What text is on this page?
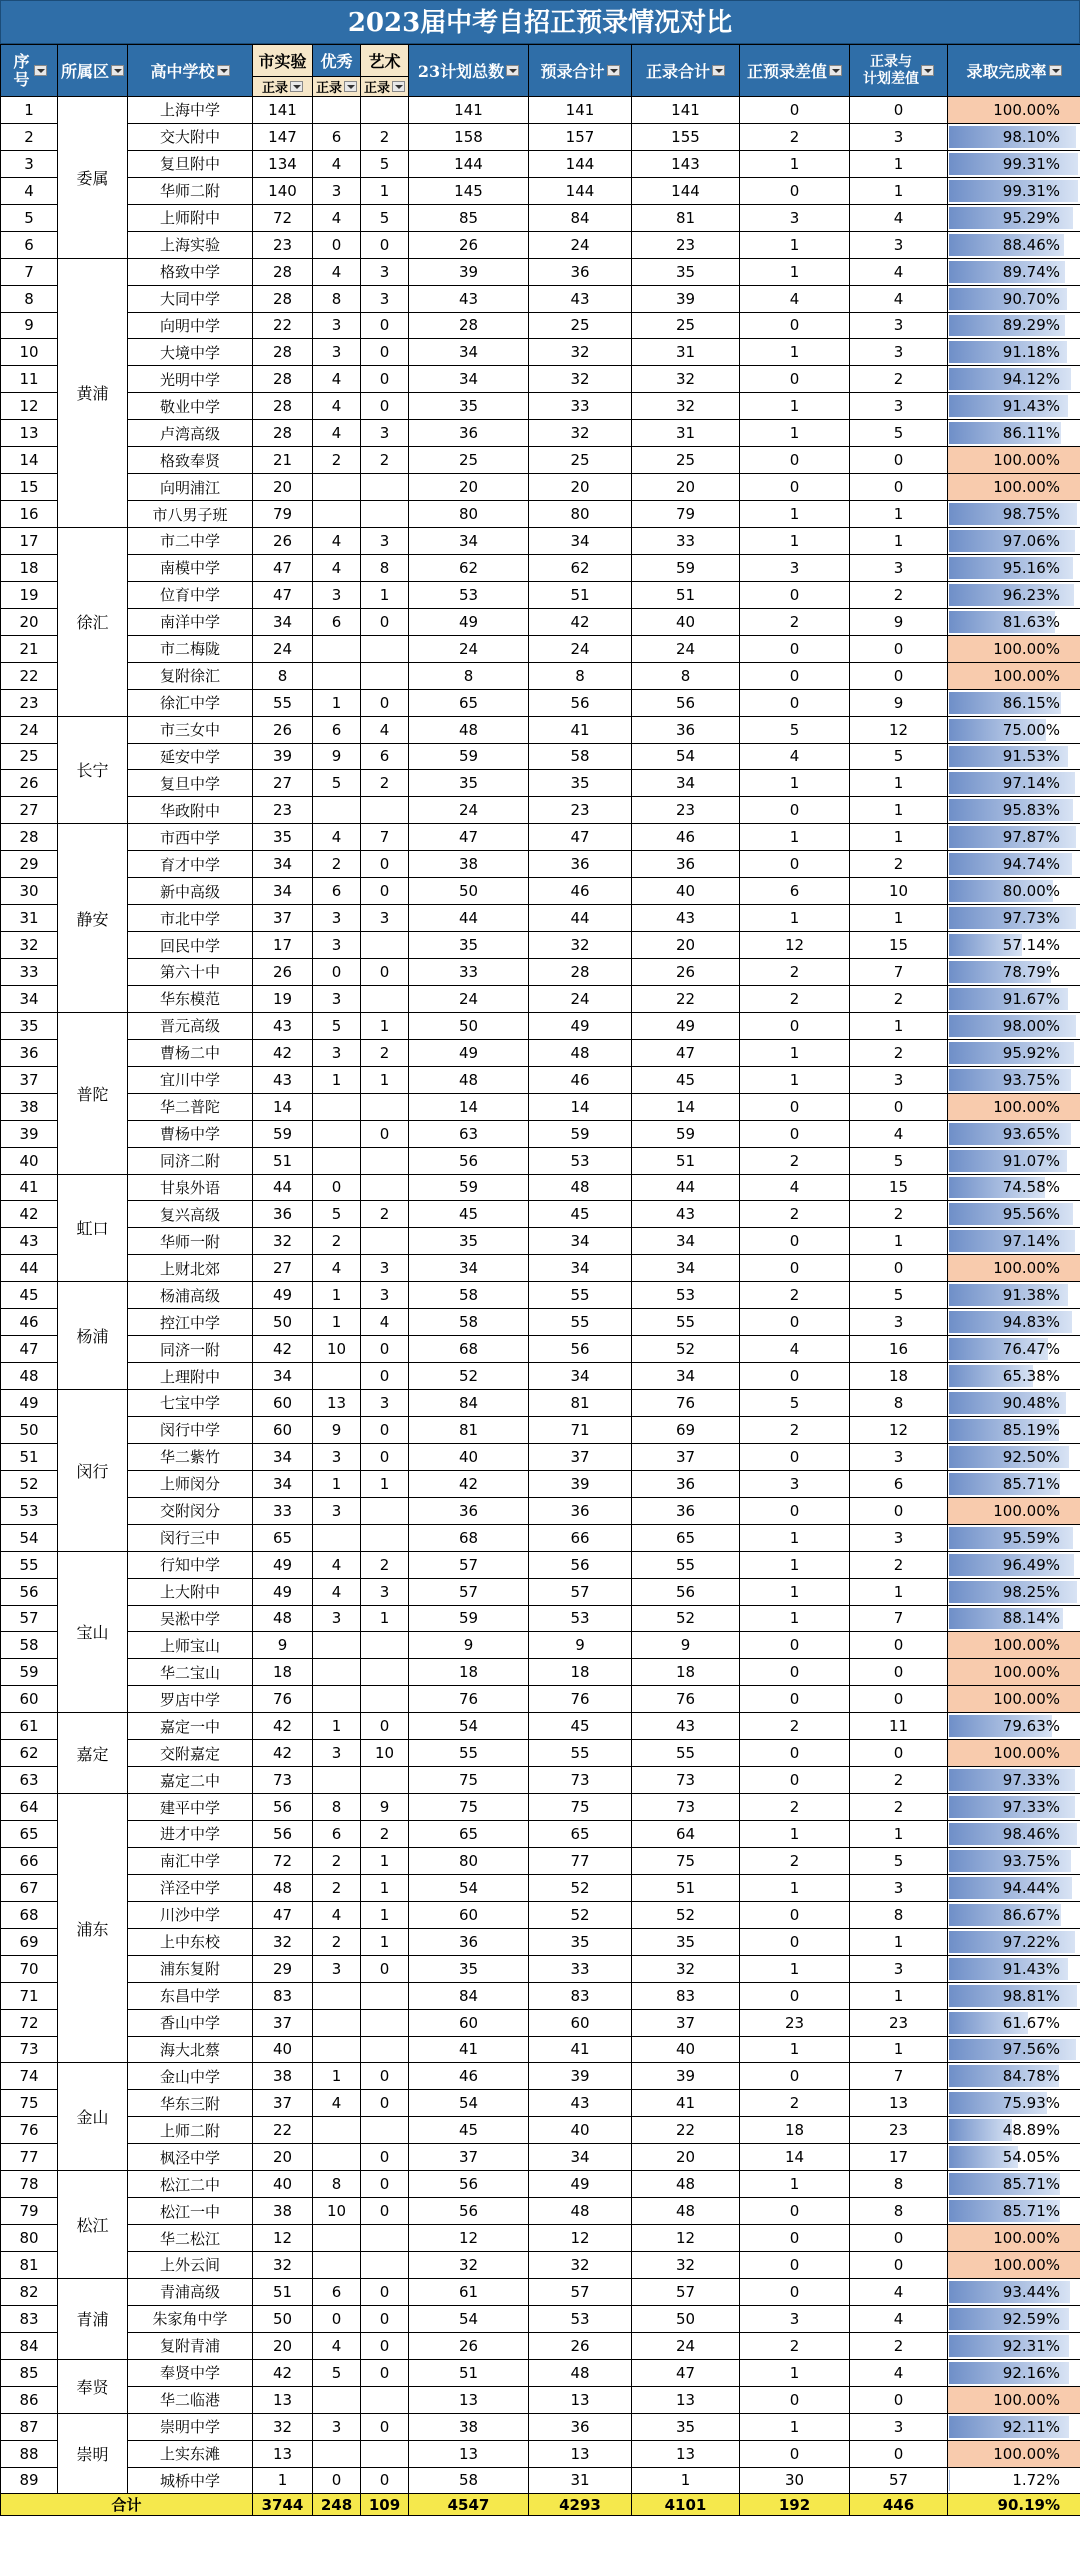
2023届中考自招正预录情况对比
序号	所属区	高中学校	市实验	优秀	艺术	23计划总数	预录合计	正录合计	正预录差值	正录与
计划差值	录取完成率

			正录	正录	正录						

1	委属	上海中学	141			141	141	141	0	0	100.00%
2		交大附中	147	6	2	158	157	155	2	3	98.10%
3		复旦附中	134	4	5	144	144	143	1	1	99.31%
4		华师二附	140	3	1	145	144	144	0	1	99.31%
5		上师附中	72	4	5	85	84	81	3	4	95.29%
6		上海实验	23	0	0	26	24	23	1	3	88.46%
7	黄浦	格致中学	28	4	3	39	36	35	1	4	89.74%
8		大同中学	28	8	3	43	43	39	4	4	90.70%
9		向明中学	22	3	0	28	25	25	0	3	89.29%
10		大境中学	28	3	0	34	32	31	1	3	91.18%
11		光明中学	28	4	0	34	32	32	0	2	94.12%
12		敬业中学	28	4	0	35	33	32	1	3	91.43%
13		卢湾高级	28	4	3	36	32	31	1	5	86.11%
14		格致奉贤	21	2	2	25	25	25	0	0	100.00%
15		向明浦江	20			20	20	20	0	0	100.00%
16		市八男子班	79			80	80	79	1	1	98.75%
17	徐汇	市二中学	26	4	3	34	34	33	1	1	97.06%
18		南模中学	47	4	8	62	62	59	3	3	95.16%
19		位育中学	47	3	1	53	51	51	0	2	96.23%
20		南洋中学	34	6	0	49	42	40	2	9	81.63%
21		市二梅陇	24			24	24	24	0	0	100.00%
22		复附徐汇	8			8	8	8	0	0	100.00%
23		徐汇中学	55	1	0	65	56	56	0	9	86.15%
24	长宁	市三女中	26	6	4	48	41	36	5	12	75.00%
25		延安中学	39	9	6	59	58	54	4	5	91.53%
26		复旦中学	27	5	2	35	35	34	1	1	97.14%
27		华政附中	23			24	23	23	0	1	95.83%
28	静安	市西中学	35	4	7	47	47	46	1	1	97.87%
29		育才中学	34	2	0	38	36	36	0	2	94.74%
30		新中高级	34	6	0	50	46	40	6	10	80.00%
31		市北中学	37	3	3	44	44	43	1	1	97.73%
32		回民中学	17	3		35	32	20	12	15	57.14%
33		第六十中	26	0	0	33	28	26	2	7	78.79%
34		华东模范	19	3		24	24	22	2	2	91.67%
35	普陀	晋元高级	43	5	1	50	49	49	0	1	98.00%
36		曹杨二中	42	3	2	49	48	47	1	2	95.92%
37		宜川中学	43	1	1	48	46	45	1	3	93.75%
38		华二普陀	14			14	14	14	0	0	100.00%
39		曹杨中学	59		0	63	59	59	0	4	93.65%
40		同济二附	51			56	53	51	2	5	91.07%
41	虹口	甘泉外语	44	0		59	48	44	4	15	74.58%
42		复兴高级	36	5	2	45	45	43	2	2	95.56%
43		华师一附	32	2		35	34	34	0	1	97.14%
44		上财北郊	27	4	3	34	34	34	0	0	100.00%
45	杨浦	杨浦高级	49	1	3	58	55	53	2	5	91.38%
46		控江中学	50	1	4	58	55	55	0	3	94.83%
47		同济一附	42	10	0	68	56	52	4	16	76.47%
48		上理附中	34		0	52	34	34	0	18	65.38%
49	闵行	七宝中学	60	13	3	84	81	76	5	8	90.48%
50		闵行中学	60	9	0	81	71	69	2	12	85.19%
51		华二紫竹	34	3	0	40	37	37	0	3	92.50%
52		上师闵分	34	1	1	42	39	36	3	6	85.71%
53		交附闵分	33	3		36	36	36	0	0	100.00%
54		闵行三中	65			68	66	65	1	3	95.59%
55	宝山	行知中学	49	4	2	57	56	55	1	2	96.49%
56		上大附中	49	4	3	57	57	56	1	1	98.25%
57		吴淞中学	48	3	1	59	53	52	1	7	88.14%
58		上师宝山	9			9	9	9	0	0	100.00%
59		华二宝山	18			18	18	18	0	0	100.00%
60		罗店中学	76			76	76	76	0	0	100.00%
61	嘉定	嘉定一中	42	1	0	54	45	43	2	11	79.63%
62		交附嘉定	42	3	10	55	55	55	0	0	100.00%
63		嘉定二中	73			75	73	73	0	2	97.33%
64	浦东	建平中学	56	8	9	75	75	73	2	2	97.33%
65		进才中学	56	6	2	65	65	64	1	1	98.46%
66		南汇中学	72	2	1	80	77	75	2	5	93.75%
67		洋泾中学	48	2	1	54	52	51	1	3	94.44%
68		川沙中学	47	4	1	60	52	52	0	8	86.67%
69		上中东校	32	2	1	36	35	35	0	1	97.22%
70		浦东复附	29	3	0	35	33	32	1	3	91.43%
71		东昌中学	83			84	83	83	0	1	98.81%
72		香山中学	37			60	60	37	23	23	61.67%
73		海大北蔡	40			41	41	40	1	1	97.56%
74	金山	金山中学	38	1	0	46	39	39	0	7	84.78%
75		华东三附	37	4	0	54	43	41	2	13	75.93%
76		上师二附	22			45	40	22	18	23	48.89%
77		枫泾中学	20		0	37	34	20	14	17	54.05%
78	松江	松江二中	40	8	0	56	49	48	1	8	85.71%
79		松江一中	38	10	0	56	48	48	0	8	85.71%
80		华二松江	12			12	12	12	0	0	100.00%
81		上外云间	32			32	32	32	0	0	100.00%
82	青浦	青浦高级	51	6	0	61	57	57	0	4	93.44%
83		朱家角中学	50	0	0	54	53	50	3	4	92.59%
84		复附青浦	20	4	0	26	26	24	2	2	92.31%
85	奉贤	奉贤中学	42	5	0	51	48	47	1	4	92.16%
86		华二临港	13			13	13	13	0	0	100.00%
87	崇明	崇明中学	32	3	0	38	36	35	1	3	92.11%
88		上实东滩	13			13	13	13	0	0	100.00%
89		城桥中学	1	0	0	58	31	1	30	57	1.72%
合计			3744	248	109	4547	4293	4101	192	446	90.19%
